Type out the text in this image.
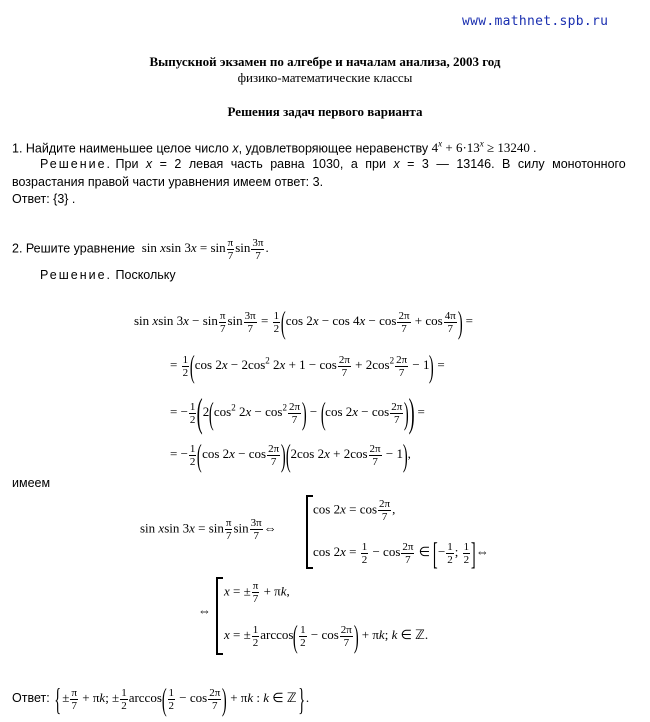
www.mathnet.spb.ru
Выпускной экзамен по алгебре и началам анализа, 2003 год
физико-математические классы
Решения задач первого варианта
1. Найдите наименьшее целое число x, удовлетворяющее неравенству $4^x + 6\cdot 13^x \ge 13240$ .
Решение. При x = 2 левая часть равна 1030, а при x = 3 — 13146. В силу монотонного
возрастания правой части уравнения имеем ответ: 3.
Ответ: {3} .
2. Решите уравнение  sin xsin $3x = \sin \frac{\pi}{7}$ $\sin \frac{3\pi}{7}$ .
Решение. Поскольку
sin xsin $3x - \sin \frac{\pi}{7}$ $\sin \frac{3\pi}{7} = \frac{1}{2} (\cos$ $2x - \cos 4x - \cos \frac{2\pi}{7} + \cos \frac{4\pi}{7}$ ) =
= $\frac{1}{2} (\cos$ $2x - 2\cos^2$ $2x + 1 - \cos \frac{2\pi}{7} + 2\cos^2 \frac{2\pi}{7} - 1$) =
= − $\frac{1}{2} (2(\cos^2$ $2x - \cos^2 \frac{2\pi}{7}$ ) − (cos $2x - \cos \frac{2\pi}{7}$ )) =
= − $\frac{1}{2} (\cos$ $2x - \cos \frac{2\pi}{7} )(2\cos$ $2x + 2\cos \frac{2\pi}{7} - 1$),
имеем
sin xsin $3x = \sin \frac{\pi}{7}$ $\sin \frac{3\pi}{7}$ ⇔
$\cos 2x = \cos \frac{2\pi}{7}$ ,
$\cos 2x = \frac{1}{2} - \cos \frac{2\pi}{7}$ ∈ [− $\frac{1}{2}$ ; $\frac{1}{2}$ ]⇔
⇔
x = ± $\frac{\pi}{7} + \pi k$,
x = ± $\frac{1}{2} \arccos( \frac{1}{2} - \cos \frac{2\pi}{7}$ ) + πk; k ∈ ℤ.
Ответ: {± $\frac{\pi}{7} + \pi k$; ± $\frac{1}{2} \arccos( \frac{1}{2} - \cos \frac{2\pi}{7}$ ) + πk : k ∈ ℤ}.
